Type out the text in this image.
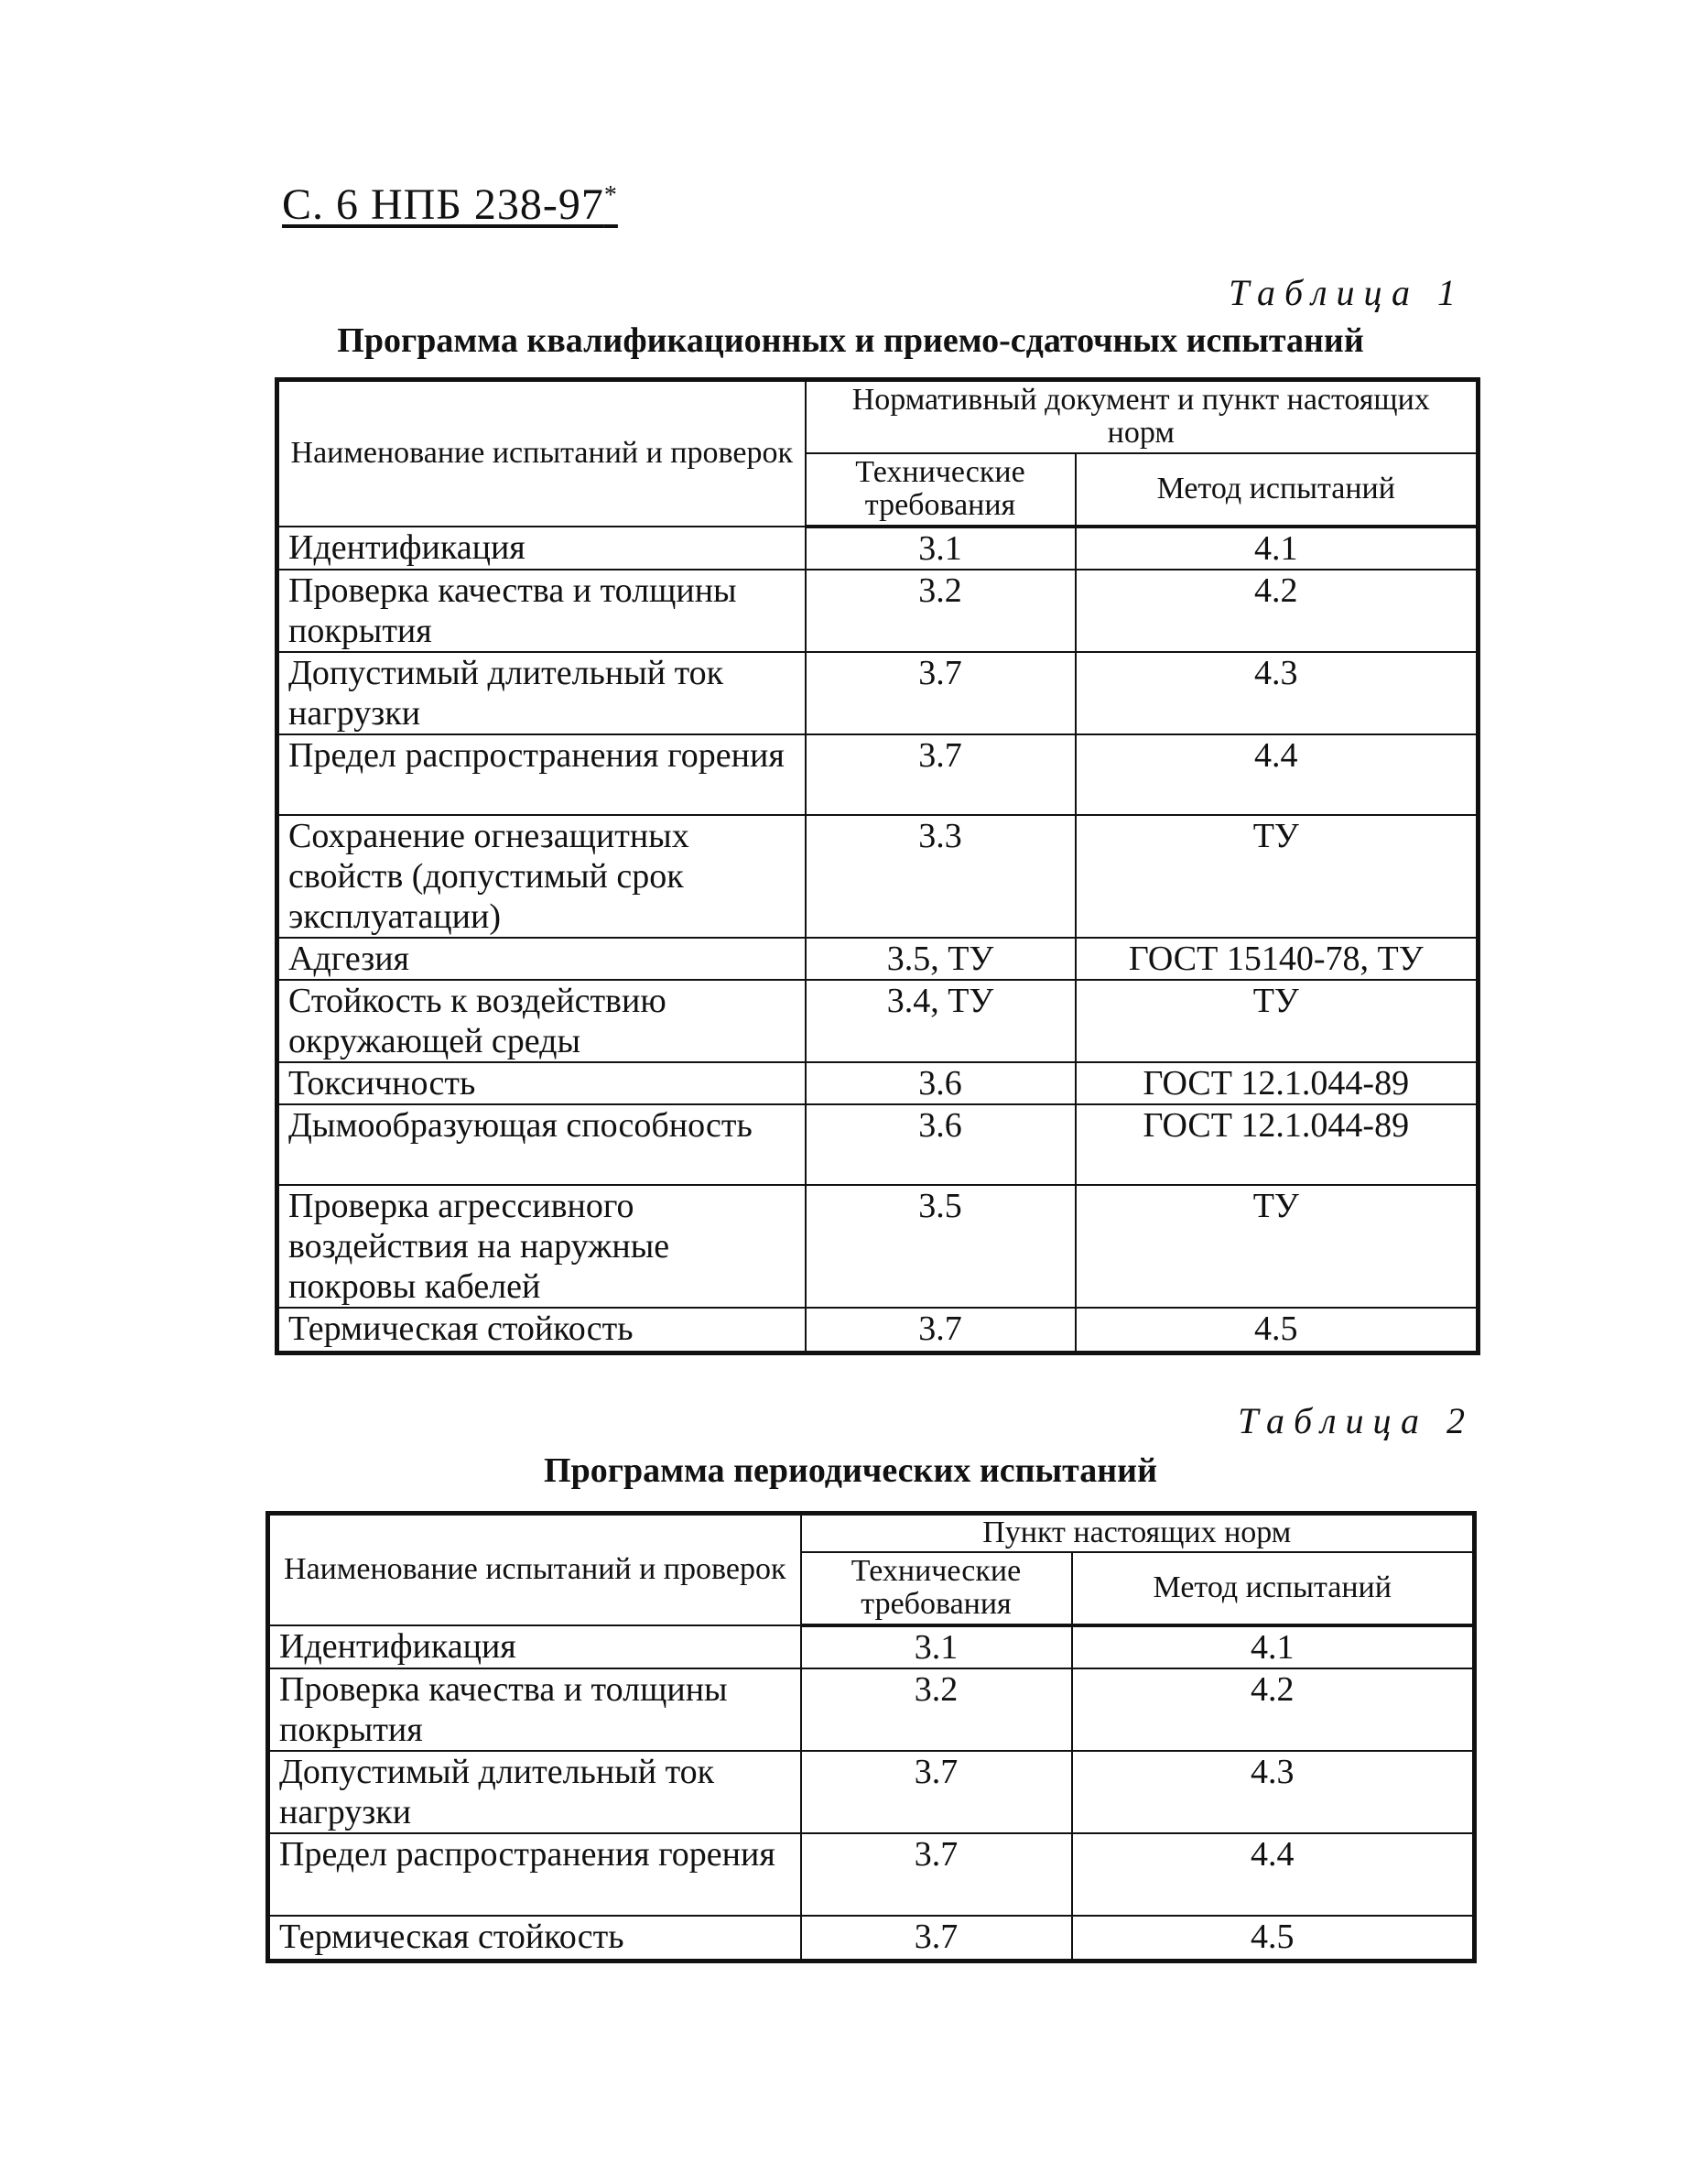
С. 6 НПБ 238-97*
Таблица 1
Программа квалификационных и приемо-сдаточных испытаний
Наименование испытаний и проверок	Нормативный документ и пункт настоящих норм	
	Технические требования	Метод испытаний
Идентификация	3.1	4.1
Проверка качества и толщины покрытия	3.2	4.2
Допустимый длительный ток нагрузки	3.7	4.3
Предел распространения горения	3.7	4.4
Сохранение огнезащитных свойств (допустимый срок эксплуатации)	3.3	ТУ
Адгезия	3.5, ТУ	ГОСТ 15140-78, ТУ
Стойкость к воздействию окружающей среды	3.4, ТУ	ТУ
Токсичность	3.6	ГОСТ 12.1.044-89
Дымообразующая способность	3.6	ГОСТ 12.1.044-89
Проверка агрессивного воздействия на наружные покровы кабелей	3.5	ТУ
Термическая стойкость	3.7	4.5
Таблица 2
Программа периодических испытаний
Наименование испытаний и проверок	Пункт настоящих норм	
	Технические требования	Метод испытаний
Идентификация	3.1	4.1
Проверка качества и толщины покрытия	3.2	4.2
Допустимый длительный ток нагрузки	3.7	4.3
Предел распространения горения	3.7	4.4
Термическая стойкость	3.7	4.5
